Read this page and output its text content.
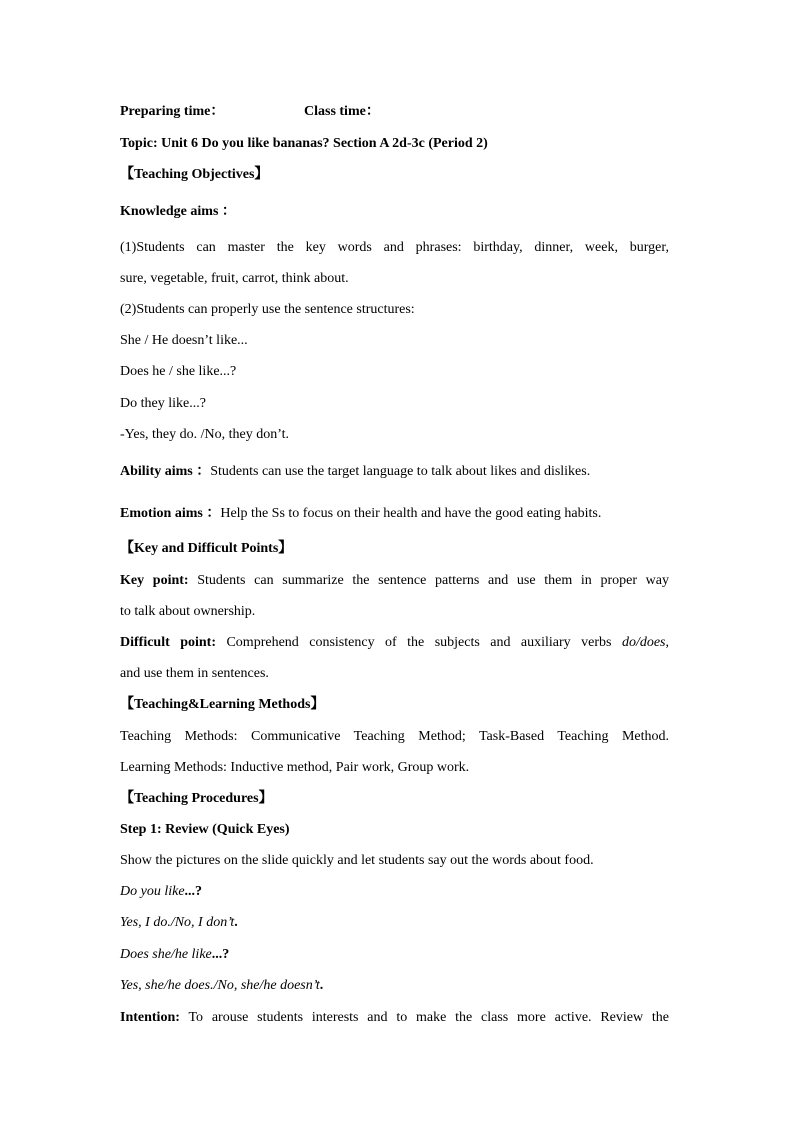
Preparing time：	Class time：
Topic: Unit 6 Do you like bananas? Section A 2d-3c (Period 2)
【Teaching Objectives】
Knowledge aims ：
(1)Students can master the key words and phrases: birthday, dinner, week, burger,
sure, vegetable, fruit, carrot, think about.
(2)Students can properly use the sentence structures:
She / He doesn’t like...
Does he / she like...?
Do they like...?
-Yes, they do. /No, they don’t.
Ability aims ：Students can use the target language to talk about likes and dislikes.
Emotion aims ：Help the Ss to focus on their health and have the good eating habits.
【Key and Difficult Points】
Key point: Students can summarize the sentence patterns and use them in proper way
to talk about ownership.
Difficult point: Comprehend consistency of the subjects and auxiliary verbs do/does,
and use them in sentences.
【Teaching&Learning Methods】
Teaching Methods: Communicative Teaching Method; Task-Based Teaching Method.
Learning Methods: Inductive method, Pair work, Group work.
【Teaching Procedures】
Step 1: Review (Quick Eyes)
Show the pictures on the slide quickly and let students say out the words about food.
Do you like...?
Yes, I do./No, I don’t.
Does she/he like...?
Yes, she/he does./No, she/he doesn’t.
Intention: To arouse students interests and to make the class more active. Review the
